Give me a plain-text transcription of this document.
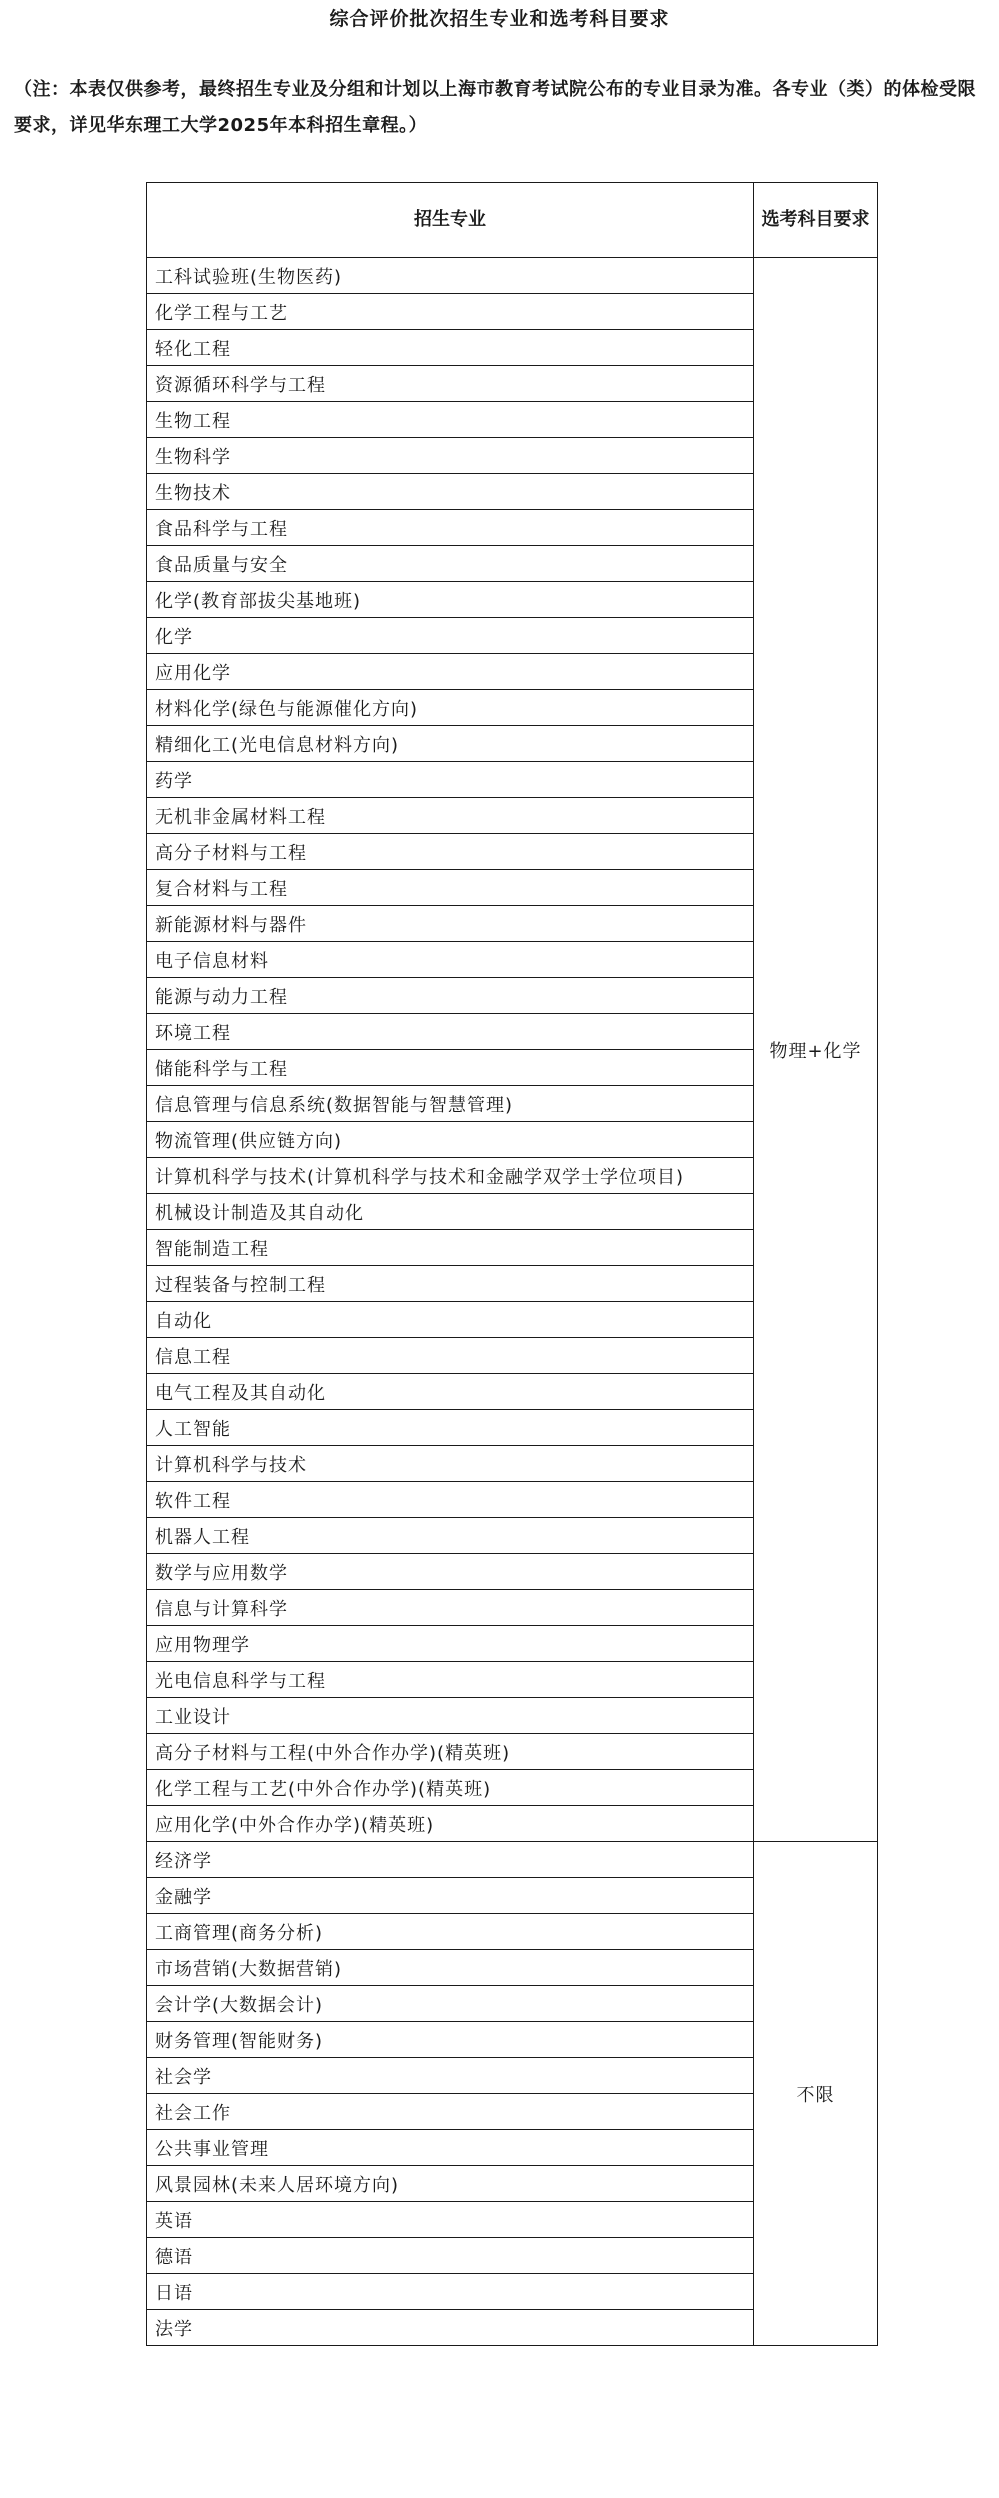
综合评价批次招生专业和选考科目要求
（注：本表仅供参考，最终招生专业及分组和计划以上海市教育考试院公布的专业目录为准。各专业（类）的体检受限要求，详见华东理工大学2025年本科招生章程。）
招生专业	选考科目要求
工科试验班(生物医药)	物理+化学
化学工程与工艺	
轻化工程	
资源循环科学与工程	
生物工程	
生物科学	
生物技术	
食品科学与工程	
食品质量与安全	
化学(教育部拔尖基地班)	
化学	
应用化学	
材料化学(绿色与能源催化方向)	
精细化工(光电信息材料方向)	
药学	
无机非金属材料工程	
高分子材料与工程	
复合材料与工程	
新能源材料与器件	
电子信息材料	
能源与动力工程	
环境工程	
储能科学与工程	
信息管理与信息系统(数据智能与智慧管理)	
物流管理(供应链方向)	
计算机科学与技术(计算机科学与技术和金融学双学士学位项目)	
机械设计制造及其自动化	
智能制造工程	
过程装备与控制工程	
自动化	
信息工程	
电气工程及其自动化	
人工智能	
计算机科学与技术	
软件工程	
机器人工程	
数学与应用数学	
信息与计算科学	
应用物理学	
光电信息科学与工程	
工业设计	
高分子材料与工程(中外合作办学)(精英班)	
化学工程与工艺(中外合作办学)(精英班)	
应用化学(中外合作办学)(精英班)	
经济学	不限
金融学	
工商管理(商务分析)	
市场营销(大数据营销)	
会计学(大数据会计)	
财务管理(智能财务)	
社会学	
社会工作	
公共事业管理	
风景园林(未来人居环境方向)	
英语	
德语	
日语	
法学	
